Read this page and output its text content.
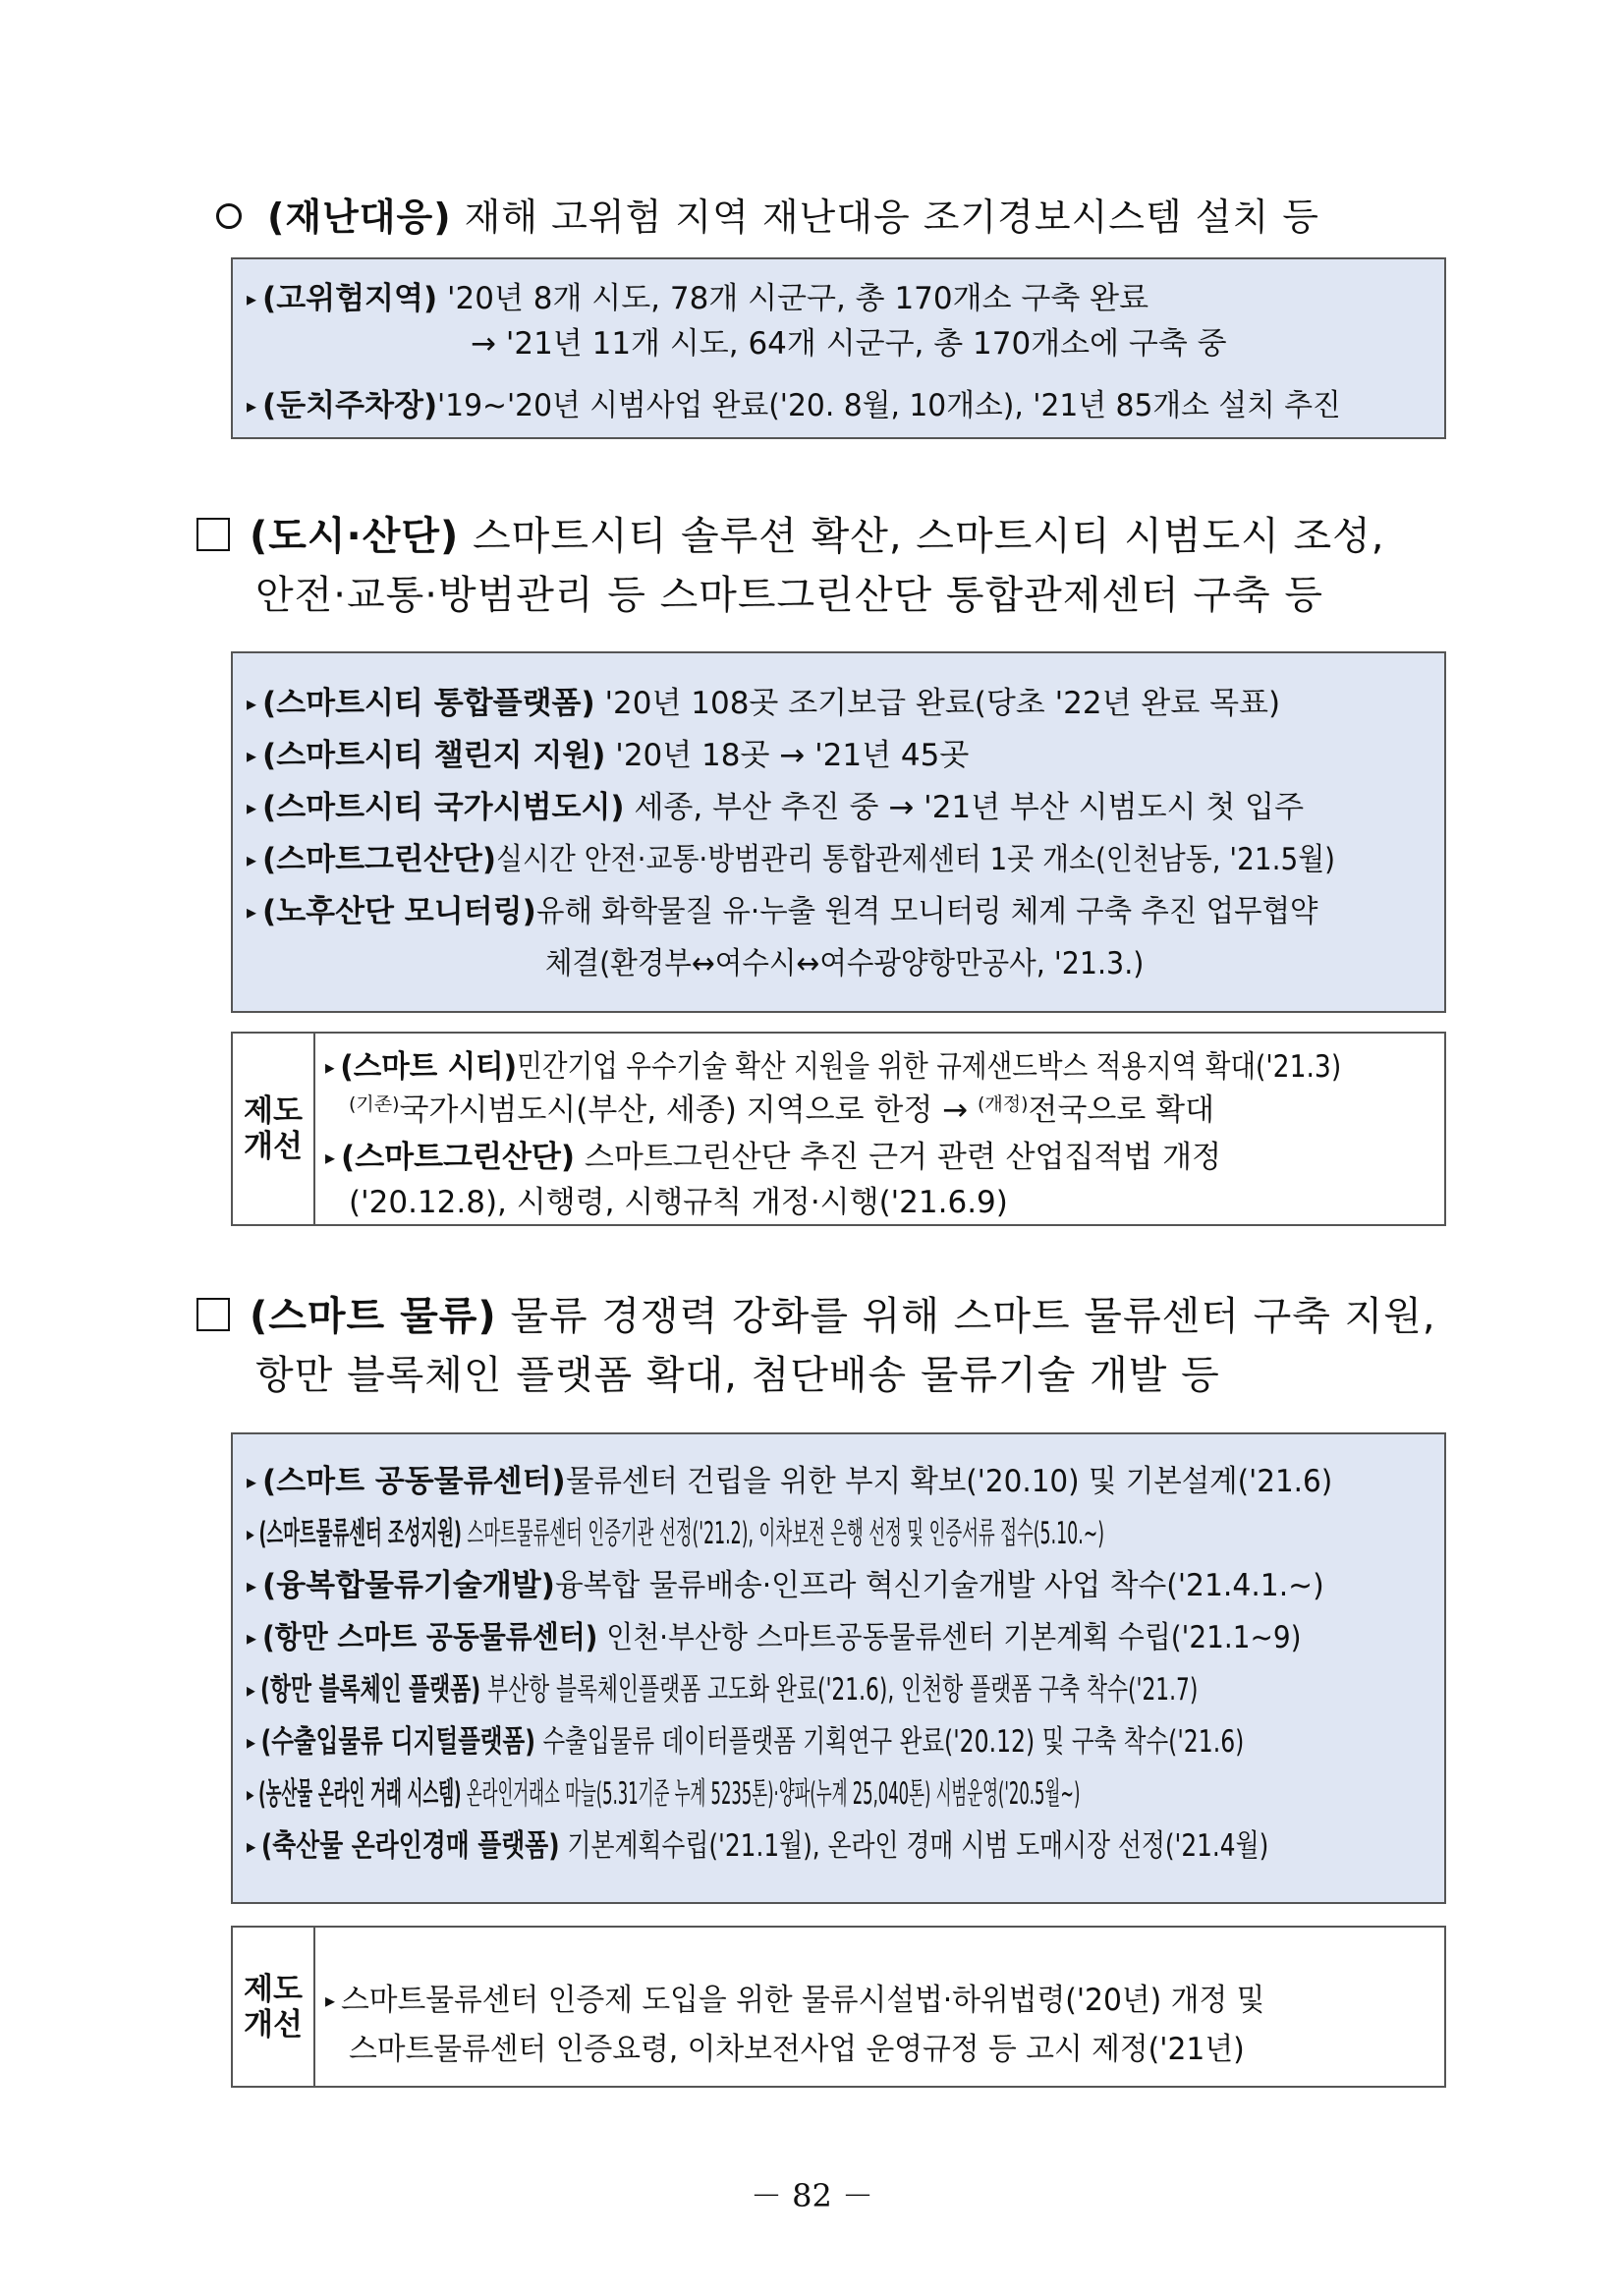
(재난대응) 재해 고위험 지역 재난대응 조기경보시스템 설치 등
▸ (고위험지역) '20년 8개 시도, 78개 시군구, 총 170개소 구축 완료
→ '21년 11개 시도, 64개 시군구, 총 170개소에 구축 중
▸ (둔치주차장)'19~'20년 시범사업 완료('20. 8월, 10개소), '21년 85개소 설치 추진
(도시·산단) 스마트시티 솔루션 확산, 스마트시티 시범도시 조성,
안전·교통·방범관리 등 스마트그린산단 통합관제센터 구축 등
▸ (스마트시티 통합플랫폼) '20년 108곳 조기보급 완료(당초 '22년 완료 목표)
▸ (스마트시티 챌린지 지원) '20년 18곳 → '21년 45곳
▸ (스마트시티 국가시범도시) 세종, 부산 추진 중 → '21년 부산 시범도시 첫 입주
▸ (스마트그린산단)실시간 안전·교통·방범관리 통합관제센터 1곳 개소(인천남동, '21.5월)
▸ (노후산단 모니터링)유해 화학물질 유·누출 원격 모니터링 체계 구축 추진 업무협약
체결(환경부↔여수시↔여수광양항만공사, '21.3.)
제도
개선
▸ (스마트 시티)민간기업 우수기술 확산 지원을 위한 규제샌드박스 적용지역 확대('21.3)
$^{(기존)}$국가시범도시(부산, 세종) 지역으로 한정 → $^{(개정)}$전국으로 확대
▸ (스마트그린산단) 스마트그린산단 추진 근거 관련 산업집적법 개정
('20.12.8), 시행령, 시행규칙 개정·시행('21.6.9)
(스마트 물류) 물류 경쟁력 강화를 위해 스마트 물류센터 구축 지원,
항만 블록체인 플랫폼 확대, 첨단배송 물류기술 개발 등
▸ (스마트 공동물류센터)물류센터 건립을 위한 부지 확보('20.10) 및 기본설계('21.6)
▸ (스마트물류센터 조성지원) 스마트물류센터 인증기관 선정('21.2), 이차보전 은행 선정 및 인증서류 접수(5.10.~)
▸ (융복합물류기술개발)융복합 물류배송·인프라 혁신기술개발 사업 착수('21.4.1.~)
▸ (항만 스마트 공동물류센터) 인천·부산항 스마트공동물류센터 기본계획 수립('21.1~9)
▸ (항만 블록체인 플랫폼) 부산항 블록체인플랫폼 고도화 완료('21.6), 인천항 플랫폼 구축 착수('21.7)
▸ (수출입물류 디지털플랫폼) 수출입물류 데이터플랫폼 기획연구 완료('20.12) 및 구축 착수('21.6)
▸ (농산물 온라인 거래 시스템) 온라인거래소 마늘(5.31기준 누계 5235톤)·양파(누계 25,040톤) 시범운영('20.5월~)
▸ (축산물 온라인경매 플랫폼) 기본계획수립('21.1월), 온라인 경매 시범 도매시장 선정('21.4월)
제도
개선
▸ 스마트물류센터 인증제 도입을 위한 물류시설법·하위법령('20년) 개정 및
스마트물류센터 인증요령, 이차보전사업 운영규정 등 고시 제정('21년)
－ 82 －
